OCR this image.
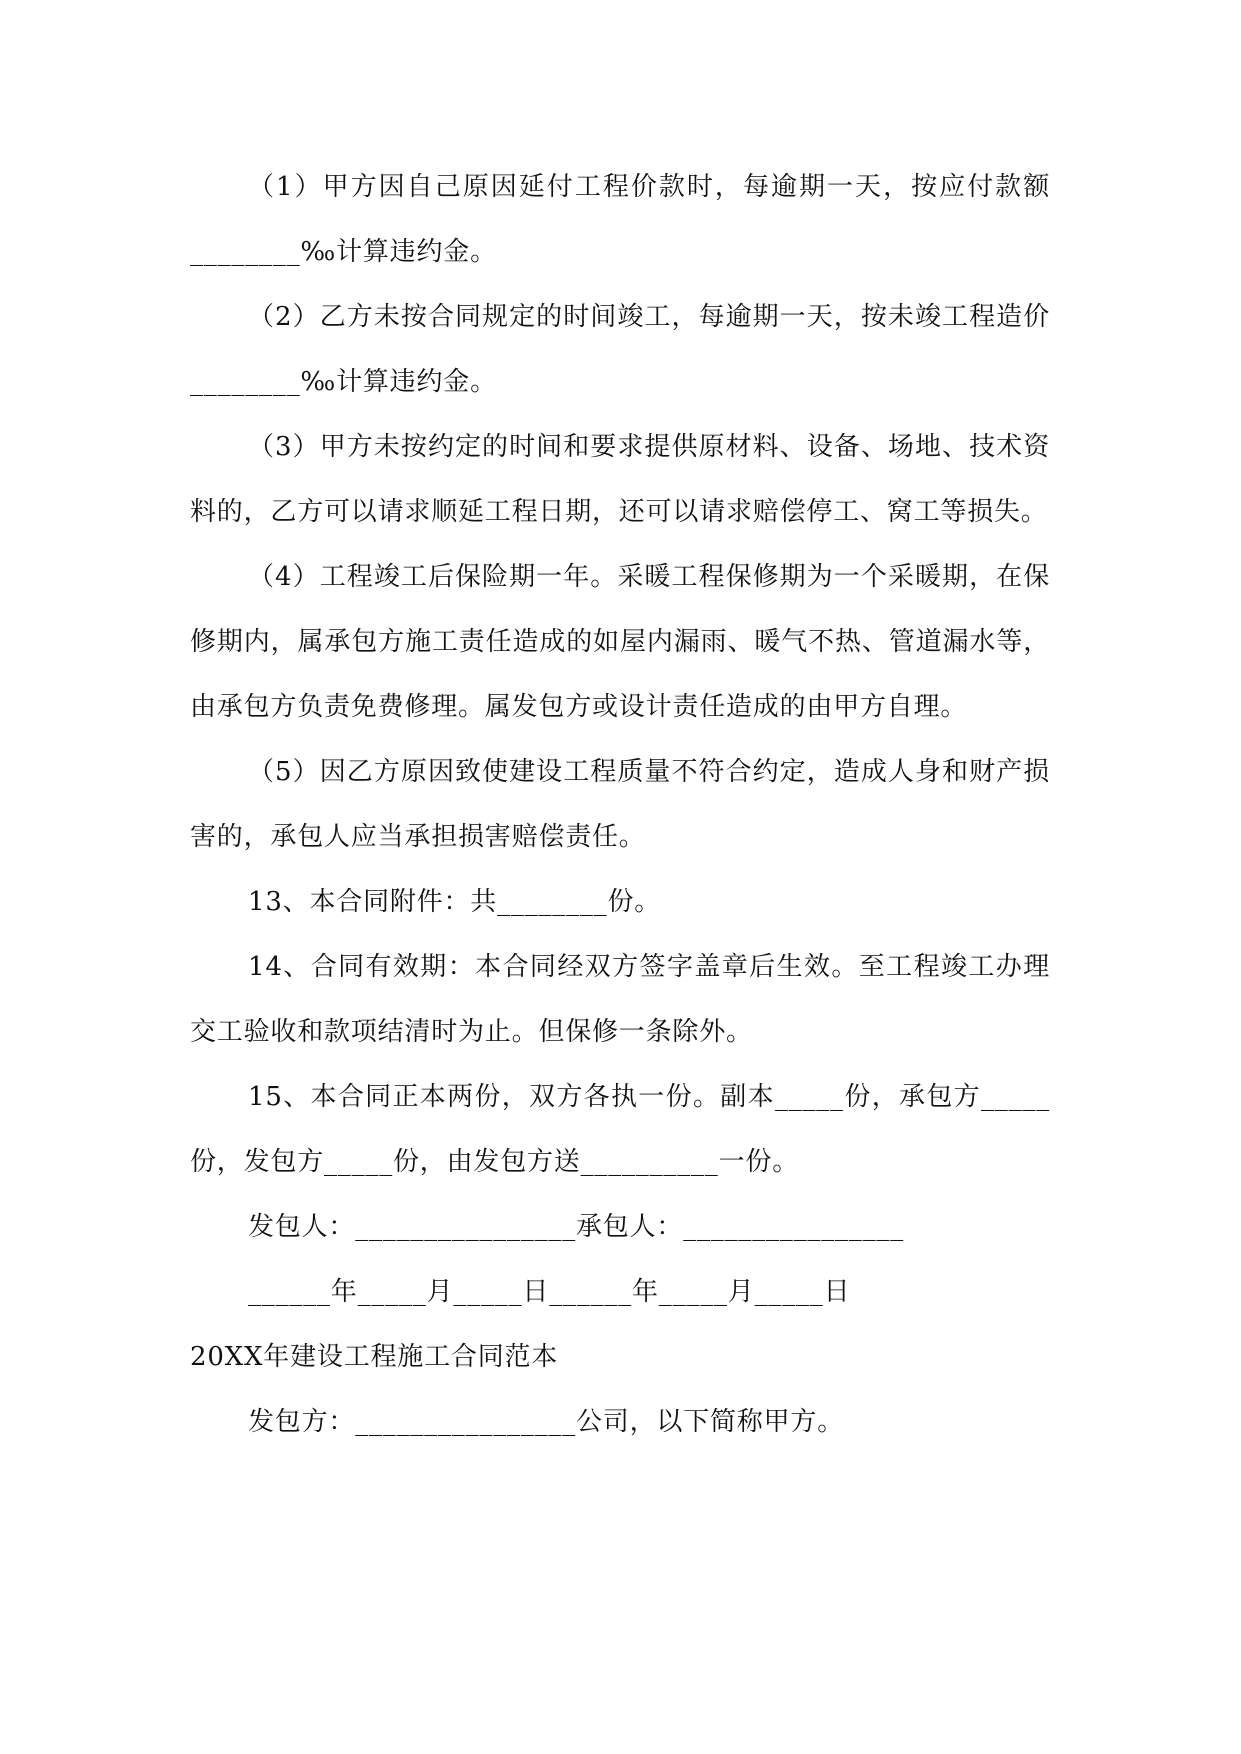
（1）甲方因自己原因延付工程价款时，每逾期一天，按应付款额________‰计算违约金。

（2）乙方未按合同规定的时间竣工，每逾期一天，按未竣工程造价________‰计算违约金。

（3）甲方未按约定的时间和要求提供原材料、设备、场地、技术资料的，乙方可以请求顺延工程日期，还可以请求赔偿停工、窝工等损失。

（4）工程竣工后保险期一年。采暖工程保修期为一个采暖期，在保修期内，属承包方施工责任造成的如屋内漏雨、暖气不热、管道漏水等，由承包方负责免费修理。属发包方或设计责任造成的由甲方自理。

（5）因乙方原因致使建设工程质量不符合约定，造成人身和财产损害的，承包人应当承担损害赔偿责任。

13、本合同附件：共________份。

14、合同有效期：本合同经双方签字盖章后生效。至工程竣工办理交工验收和款项结清时为止。但保修一条除外。

15、本合同正本两份，双方各执一份。副本_____份，承包方_____份，发包方_____份，由发包方送__________一份。

发包人：________________承包人：________________

______年_____月_____日______年_____月_____日

20XX年建设工程施工合同范本

发包方：________________公司，以下简称甲方。
